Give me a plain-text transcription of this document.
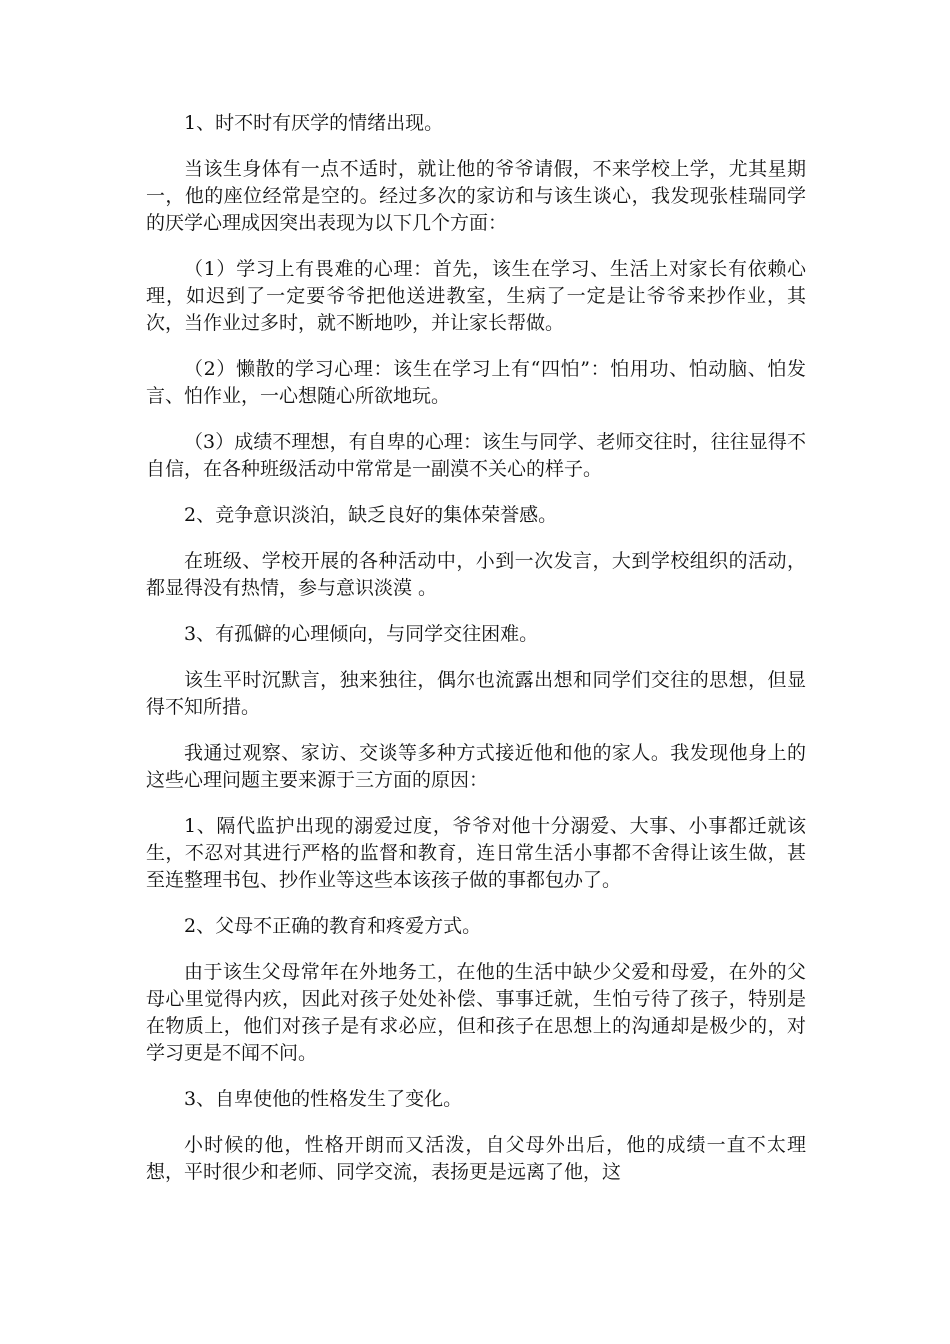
1、时不时有厌学的情绪出现。

当该生身体有一点不适时，就让他的爷爷请假，不来学校上学，尤其星期一，他的座位经常是空的。经过多次的家访和与该生谈心，我发现张桂瑞同学的厌学心理成因突出表现为以下几个方面：

（1）学习上有畏难的心理：首先，该生在学习、生活上对家长有依赖心理，如迟到了一定要爷爷把他送进教室，生病了一定是让爷爷来抄作业，其次，当作业过多时，就不断地吵，并让家长帮做。

（2）懒散的学习心理：该生在学习上有“四怕”：怕用功、怕动脑、怕发言、怕作业，一心想随心所欲地玩。

（3）成绩不理想，有自卑的心理：该生与同学、老师交往时，往往显得不自信，在各种班级活动中常常是一副漠不关心的样子。

2、竞争意识淡泊，缺乏良好的集体荣誉感。

在班级、学校开展的各种活动中，小到一次发言，大到学校组织的活动，都显得没有热情，参与意识淡漠 。

3、有孤僻的心理倾向，与同学交往困难。

该生平时沉默言，独来独往，偶尔也流露出想和同学们交往的思想，但显得不知所措。

我通过观察、家访、交谈等多种方式接近他和他的家人。我发现他身上的这些心理问题主要来源于三方面的原因：

1、隔代监护出现的溺爱过度，爷爷对他十分溺爱、大事、小事都迁就该生，不忍对其进行严格的监督和教育，连日常生活小事都不舍得让该生做，甚至连整理书包、抄作业等这些本该孩子做的事都包办了。

2、父母不正确的教育和疼爱方式。

由于该生父母常年在外地务工，在他的生活中缺少父爱和母爱，在外的父母心里觉得内疚，因此对孩子处处补偿、事事迁就，生怕亏待了孩子，特别是在物质上，他们对孩子是有求必应，但和孩子在思想上的沟通却是极少的，对学习更是不闻不问。

3、自卑使他的性格发生了变化。

小时候的他，性格开朗而又活泼，自父母外出后，他的成绩一直不太理想，平时很少和老师、同学交流，表扬更是远离了他，这
